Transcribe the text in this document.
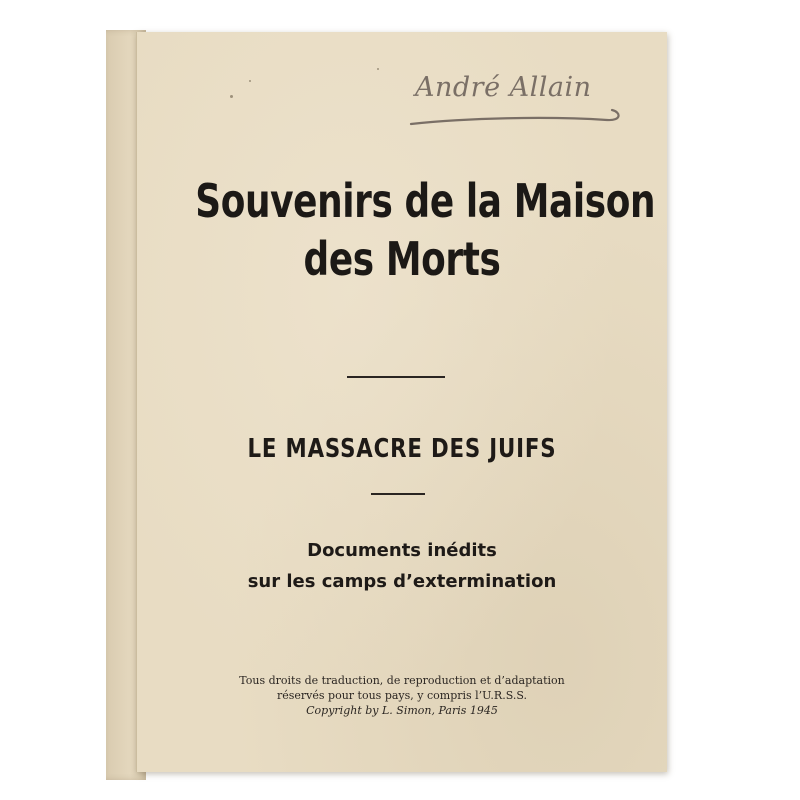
André Allain
Souvenirs de la Maison
des Morts
LE MASSACRE DES JUIFS
Documents inédits
sur les camps d’extermination
Tous droits de traduction, de reproduction et d’adaptation
réservés pour tous pays, y compris l’U.R.S.S.
Copyright by L. Simon, Paris 1945
